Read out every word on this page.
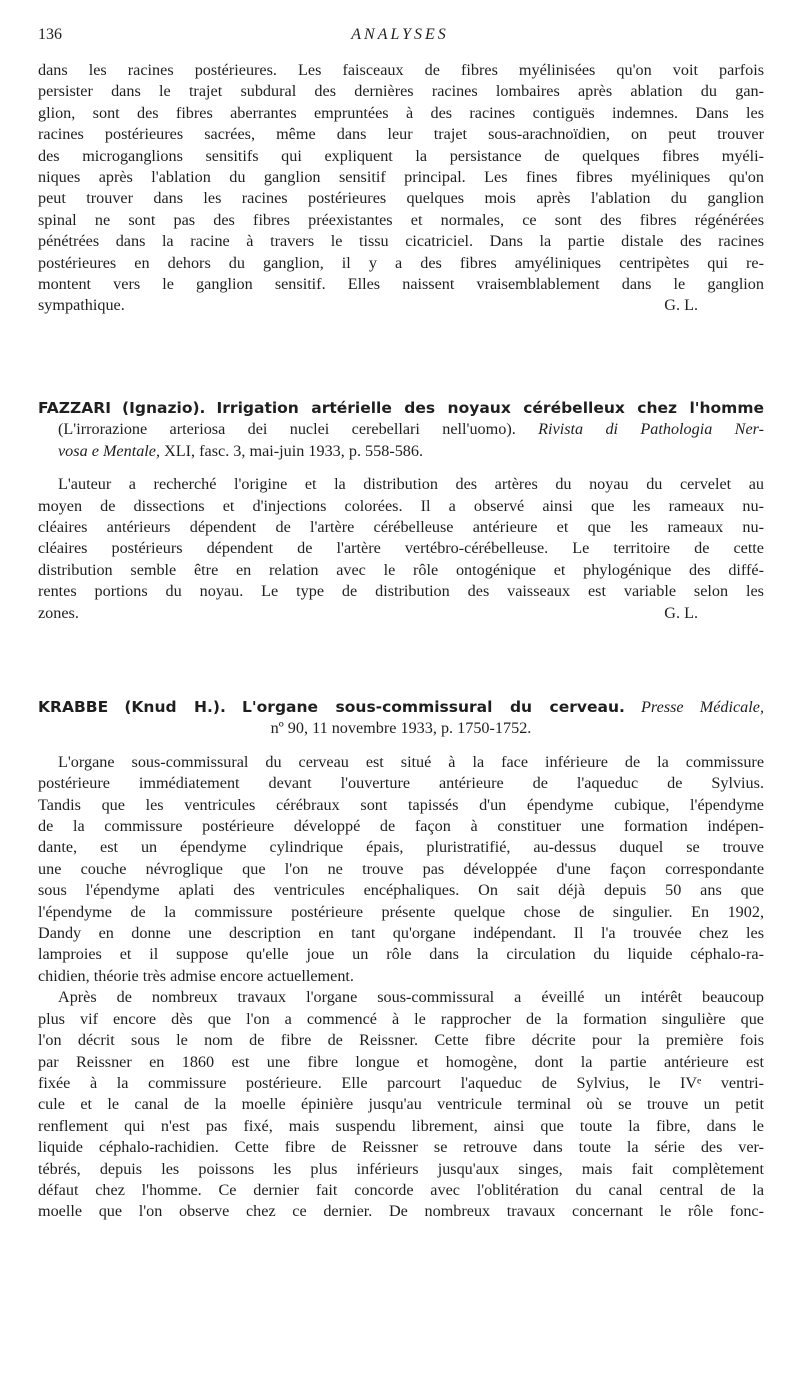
136	ANALYSES

dans les racines postérieures. Les faisceaux de fibres myélinisées qu'on voit parfois

persister dans le trajet subdural des dernières racines lombaires après ablation du gan-

glion, sont des fibres aberrantes empruntées à des racines contiguës indemnes. Dans les

racines postérieures sacrées, même dans leur trajet sous-arachnoïdien, on peut trouver

des microganglions sensitifs qui expliquent la persistance de quelques fibres myéli-

niques après l'ablation du ganglion sensitif principal. Les fines fibres myéliniques qu'on

peut trouver dans les racines postérieures quelques mois après l'ablation du ganglion

spinal ne sont pas des fibres préexistantes et normales, ce sont des fibres régénérées

pénétrées dans la racine à travers le tissu cicatriciel. Dans la partie distale des racines

postérieures en dehors du ganglion, il y a des fibres amyéliniques centripètes qui re-

montent vers le ganglion sensitif. Elles naissent vraisemblablement dans le ganglion

sympathique.	G. L.

FAZZARI (Ignazio). Irrigation artérielle des noyaux cérébelleux chez l'homme

(L'irrorazione arteriosa dei nuclei cerebellari nell'uomo). Rivista di Pathologia Ner-

vosa e Mentale, XLI, fasc. 3, mai-juin 1933, p. 558-586.

L'auteur a recherché l'origine et la distribution des artères du noyau du cervelet au

moyen de dissections et d'injections colorées. Il a observé ainsi que les rameaux nu-

cléaires antérieurs dépendent de l'artère cérébelleuse antérieure et que les rameaux nu-

cléaires postérieurs dépendent de l'artère vertébro-cérébelleuse. Le territoire de cette

distribution semble être en relation avec le rôle ontogénique et phylogénique des diffé-

rentes portions du noyau. Le type de distribution des vaisseaux est variable selon les

zones.	G. L.

KRABBE (Knud H.). L'organe sous-commissural du cerveau. Presse Médicale,

nº 90, 11 novembre 1933, p. 1750-1752.

L'organe sous-commissural du cerveau est situé à la face inférieure de la commissure

postérieure immédiatement devant l'ouverture antérieure de l'aqueduc de Sylvius.

Tandis que les ventricules cérébraux sont tapissés d'un épendyme cubique, l'épendyme

de la commissure postérieure développé de façon à constituer une formation indépen-

dante, est un épendyme cylindrique épais, pluristratifié, au-dessus duquel se trouve

une couche névroglique que l'on ne trouve pas développée d'une façon correspondante

sous l'épendyme aplati des ventricules encéphaliques. On sait déjà depuis 50 ans que

l'épendyme de la commissure postérieure présente quelque chose de singulier. En 1902,

Dandy en donne une description en tant qu'organe indépendant. Il l'a trouvée chez les

lamproies et il suppose qu'elle joue un rôle dans la circulation du liquide céphalo-ra-

chidien, théorie très admise encore actuellement.

Après de nombreux travaux l'organe sous-commissural a éveillé un intérêt beaucoup

plus vif encore dès que l'on a commencé à le rapprocher de la formation singulière que

l'on décrit sous le nom de fibre de Reissner. Cette fibre décrite pour la première fois

par Reissner en 1860 est une fibre longue et homogène, dont la partie antérieure est

fixée à la commissure postérieure. Elle parcourt l'aqueduc de Sylvius, le IVᵉ ventri-

cule et le canal de la moelle épinière jusqu'au ventricule terminal où se trouve un petit

renflement qui n'est pas fixé, mais suspendu librement, ainsi que toute la fibre, dans le

liquide céphalo-rachidien. Cette fibre de Reissner se retrouve dans toute la série des ver-

tébrés, depuis les poissons les plus inférieurs jusqu'aux singes, mais fait complètement

défaut chez l'homme. Ce dernier fait concorde avec l'oblitération du canal central de la

moelle que l'on observe chez ce dernier. De nombreux travaux concernant le rôle fonc-
